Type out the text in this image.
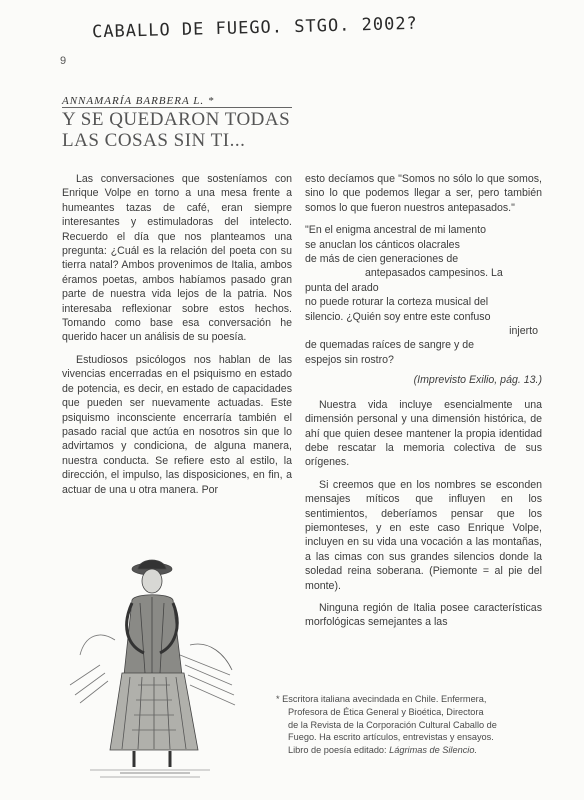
CABALLO DE FUEGO. STGO. 2002?
9
ANNAMARÍA BARBERA L. *
Y SE QUEDARON TODAS
LAS COSAS SIN TI...

Las conversaciones que sosteníamos con Enrique Volpe en torno a una mesa frente a humeantes tazas de café, eran siempre interesantes y estimuladoras del intelecto. Recuerdo el día que nos planteamos una pregunta: ¿Cuál es la relación del poeta con su tierra natal? Ambos provenimos de Italia, ambos éramos poetas, ambos habíamos pasado gran parte de nuestra vida lejos de la patria. Nos interesaba reflexionar sobre estos hechos. Tomando como base esa conversación he querido hacer un análisis de su poesía.

Estudiosos psicólogos nos hablan de las vivencias encerradas en el psiquismo en estado de potencia, es decir, en estado de capacidades que pueden ser nuevamente actuadas. Este psiquismo inconsciente encerraría también el pasado racial que actúa en nosotros sin que lo advirtamos y condiciona, de alguna manera, nuestra conducta. Se refiere esto al estilo, la dirección, el impulso, las disposiciones, en fin, a actuar de una u otra manera. Por

esto decíamos que "Somos no sólo lo que somos, sino lo que podemos llegar a ser, pero también somos lo que fueron nuestros antepasados."

"En el enigma ancestral de mi lamento
se anuclan los cánticos olacrales
de más de cien generaciones de
antepasados campesinos. La
punta del arado
no puede roturar la corteza musical del
silencio. ¿Quién soy entre este confuso
injerto
de quemadas raíces de sangre y de
espejos sin rostro?
(Imprevisto Exilio, pág. 13.)

Nuestra vida incluye esencialmente una dimensión personal y una dimensión histórica, de ahí que quien desee mantener la propia identidad debe rescatar la memoria colectiva de sus orígenes.

Si creemos que en los nombres se esconden mensajes míticos que influyen en los sentimientos, deberíamos pensar que los piemonteses, y en este caso Enrique Volpe, incluyen en su vida una vocación a las montañas, a las cimas con sus grandes silencios donde la soledad reina soberana. (Piemonte = al pie del monte).

Ninguna región de Italia posee características morfológicas semejantes a las

* Escritora italiana avecindada en Chile. Enfermera,
Profesora de Ética General y Bioética, Directora
de la Revista de la Corporación Cultural Caballo de
Fuego. Ha escrito artículos, entrevistas y ensayos.
Libro de poesía editado: Lágrimas de Silencio.
